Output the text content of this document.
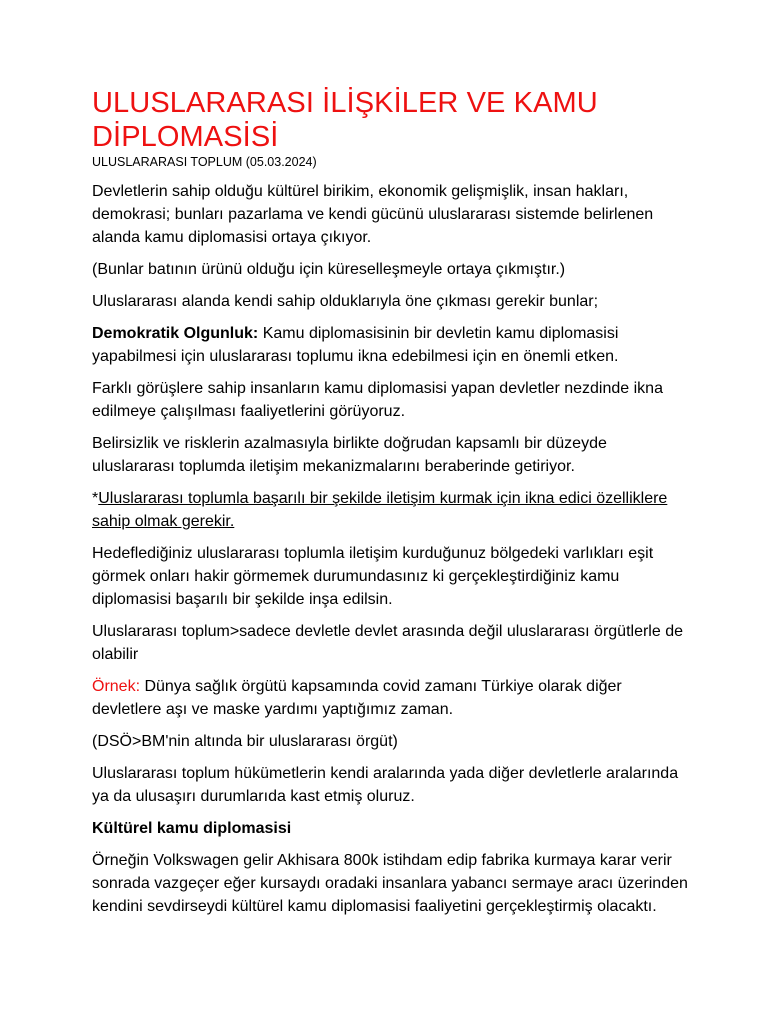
ULUSLARARASI İLİŞKİLER VE KAMU DİPLOMASİSİ
ULUSLARARASI TOPLUM (05.03.2024)

Devletlerin sahip olduğu kültürel birikim, ekonomik gelişmişlik, insan hakları, demokrasi; bunları pazarlama ve kendi gücünü uluslararası sistemde belirlenen alanda kamu diplomasisi ortaya çıkıyor.

(Bunlar batının ürünü olduğu için küreselleşmeyle ortaya çıkmıştır.)

Uluslararası alanda kendi sahip olduklarıyla öne çıkması gerekir bunlar;

Demokratik Olgunluk: Kamu diplomasisinin bir devletin kamu diplomasisi yapabilmesi için uluslararası toplumu ikna edebilmesi için en önemli etken.

Farklı görüşlere sahip insanların kamu diplomasisi yapan devletler nezdinde ikna edilmeye çalışılması faaliyetlerini görüyoruz.

Belirsizlik ve risklerin azalmasıyla birlikte doğrudan kapsamlı bir düzeyde uluslararası toplumda iletişim mekanizmalarını beraberinde getiriyor.

*Uluslararası toplumla başarılı bir şekilde iletişim kurmak için ikna edici özelliklere sahip olmak gerekir.

Hedeflediğiniz uluslararası toplumla iletişim kurduğunuz bölgedeki varlıkları eşit görmek onları hakir görmemek durumundasınız ki gerçekleştirdiğiniz kamu diplomasisi başarılı bir şekilde inşa edilsin.

Uluslararası toplum>sadece devletle devlet arasında değil uluslararası örgütlerle de olabilir

Örnek: Dünya sağlık örgütü kapsamında covid zamanı Türkiye olarak diğer devletlere aşı ve maske yardımı yaptığımız zaman.

(DSÖ>BM'nin altında bir uluslararası örgüt)

Uluslararası toplum hükümetlerin kendi aralarında yada diğer devletlerle aralarında ya da ulusaşırı durumlarıda kast etmiş oluruz.

Kültürel kamu diplomasisi

Örneğin Volkswagen gelir Akhisara 800k istihdam edip fabrika kurmaya karar verir sonrada vazgeçer eğer kursaydı oradaki insanlara yabancı sermaye aracı üzerinden kendini sevdirseydi kültürel kamu diplomasisi faaliyetini gerçekleştirmiş olacaktı.
